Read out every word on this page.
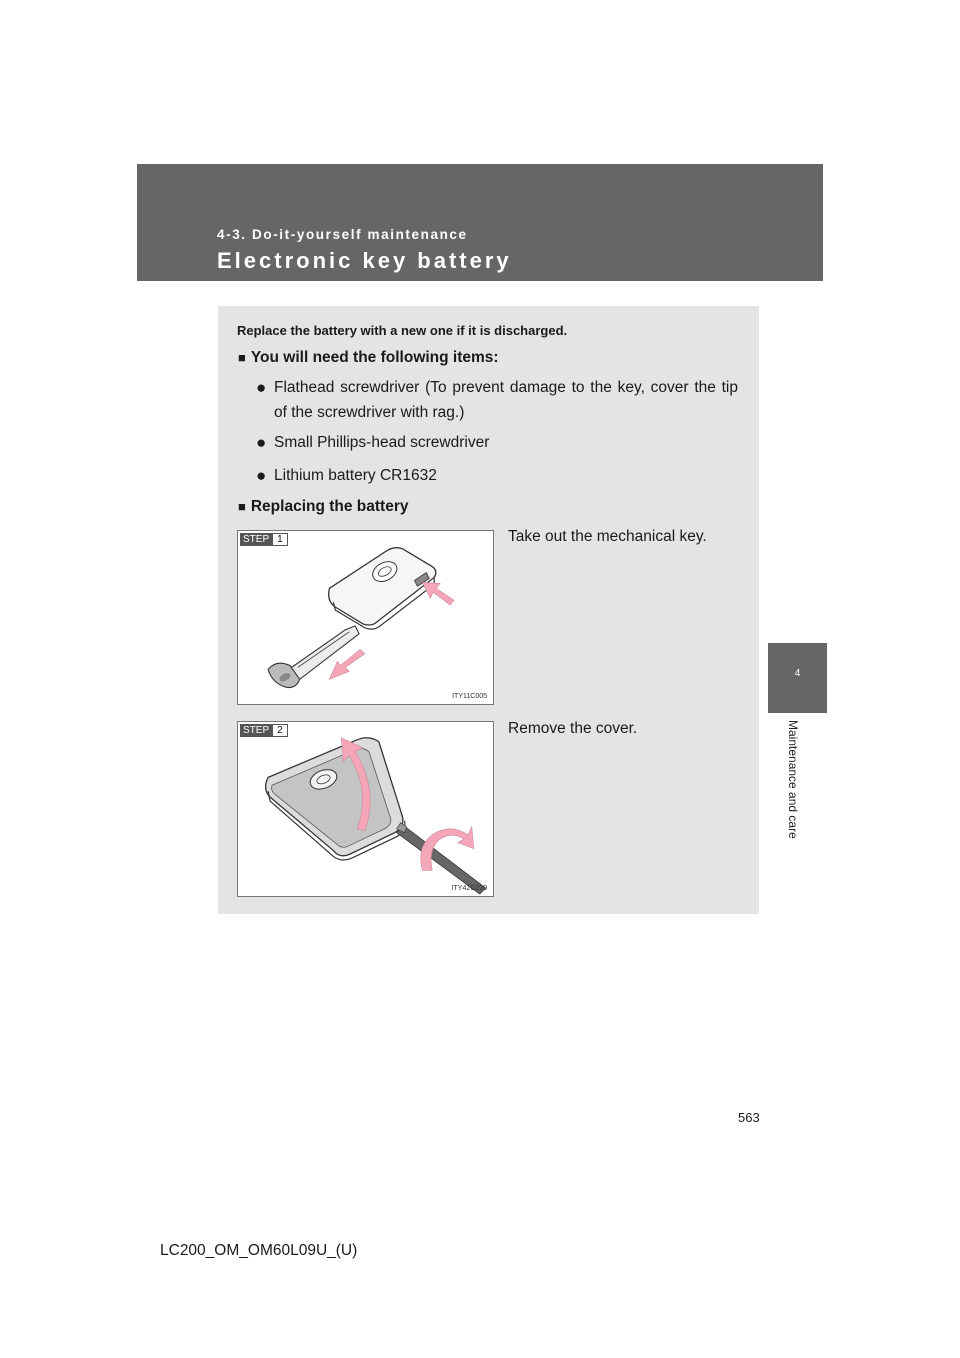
4-3. Do-it-yourself maintenance
Electronic key battery
4
Maintenance and care
Replace the battery with a new one if it is discharged.
■ You will need the following items:
● Flathead screwdriver (To prevent damage to the key, cover the tip of the screwdriver with rag.)
● Small Phillips-head screwdriver
● Lithium battery CR1632
■ Replacing the battery
STEP 1
ITY11C005
Take out the mechanical key.
STEP 2
ITY42C020
Remove the cover.
563
LC200_OM_OM60L09U_(U)
